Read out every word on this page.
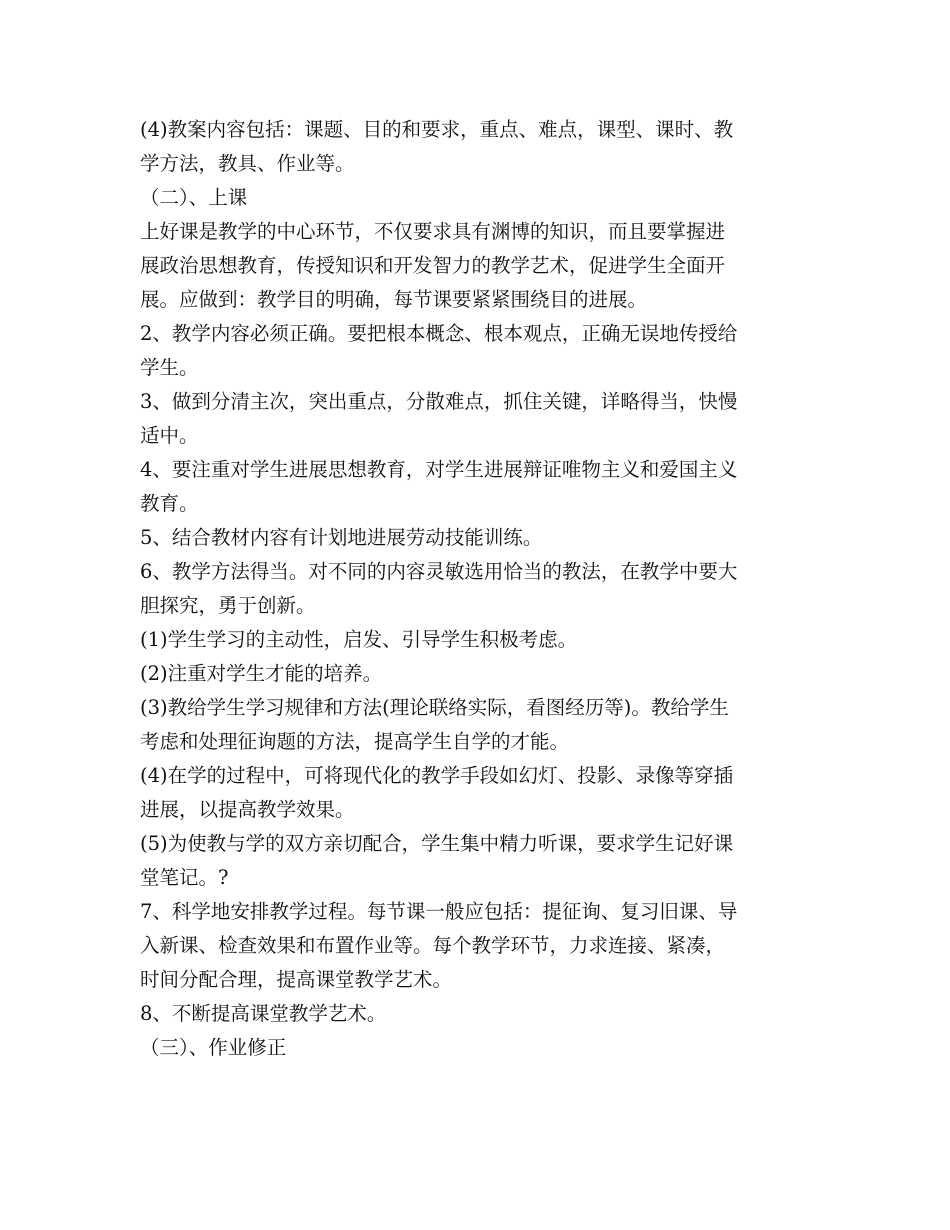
(4)教案内容包括：课题、目的和要求，重点、难点，课型、课时、教
学方法，教具、作业等。
（二）、上课
上好课是教学的中心环节，不仅要求具有渊博的知识，而且要掌握进
展政治思想教育，传授知识和开发智力的教学艺术，促进学生全面开
展。应做到：教学目的明确，每节课要紧紧围绕目的进展。
2、教学内容必须正确。要把根本概念、根本观点，正确无误地传授给
学生。
3、做到分清主次，突出重点，分散难点，抓住关键，详略得当，快慢
适中。
4、要注重对学生进展思想教育，对学生进展辩证唯物主义和爱国主义
教育。
5、结合教材内容有计划地进展劳动技能训练。
6、教学方法得当。对不同的内容灵敏选用恰当的教法，在教学中要大
胆探究，勇于创新。
(1)学生学习的主动性，启发、引导学生积极考虑。
(2)注重对学生才能的培养。
(3)教给学生学习规律和方法(理论联络实际，看图经历等)。教给学生
考虑和处理征询题的方法，提高学生自学的才能。
(4)在学的过程中，可将现代化的教学手段如幻灯、投影、录像等穿插
进展，以提高教学效果。
(5)为使教与学的双方亲切配合，学生集中精力听课，要求学生记好课
堂笔记。?
7、科学地安排教学过程。每节课一般应包括：提征询、复习旧课、导
入新课、检查效果和布置作业等。每个教学环节，力求连接、紧凑，
时间分配合理，提高课堂教学艺术。
8、不断提高课堂教学艺术。
（三）、作业修正
